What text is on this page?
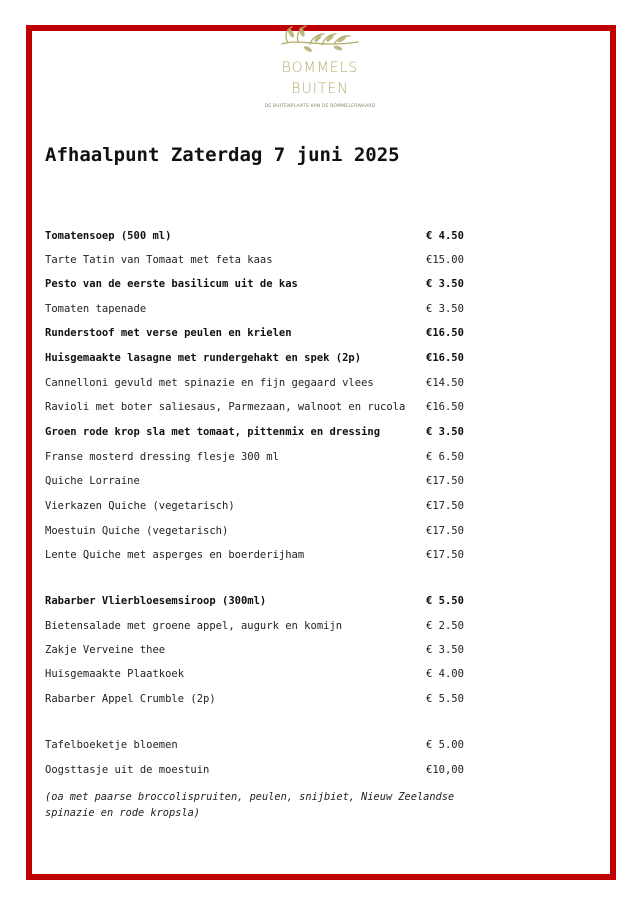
BOMMELS
BUITEN
DE BUITENPLAATS VAN DE BOMMELERWAARD
Afhaalpunt Zaterdag 7 juni 2025
Tomatensoep (500 ml)	€ 4.50
Tarte Tatin van Tomaat met feta kaas	€15.00
Pesto van de eerste basilicum uit de kas	€ 3.50
Tomaten tapenade	€ 3.50
Runderstoof met verse peulen en krielen	€16.50
Huisgemaakte lasagne met rundergehakt en spek (2p)	€16.50
Cannelloni gevuld met spinazie en fijn gegaard vlees	€14.50
Ravioli met boter saliesaus, Parmezaan, walnoot en rucola €16.50
Groen rode krop sla met tomaat, pittenmix en dressing	€ 3.50
Franse mosterd dressing flesje 300 ml	€ 6.50
Quiche Lorraine	€17.50
Vierkazen Quiche (vegetarisch)	€17.50
Moestuin Quiche (vegetarisch)	€17.50
Lente Quiche met asperges en boerderijham	€17.50
Rabarber Vlierbloesemsiroop (300ml)	€ 5.50
Bietensalade met groene appel, augurk en komijn	€ 2.50
Zakje Verveine thee	€ 3.50
Huisgemaakte Plaatkoek	€ 4.00
Rabarber Appel Crumble (2p)	€ 5.50
Tafelboeketje bloemen	€ 5.00
Oogsttasje uit de moestuin	€10,00
(oa met paarse broccolispruiten, peulen, snijbiet, Nieuw Zeelandse spinazie en rode kropsla)
